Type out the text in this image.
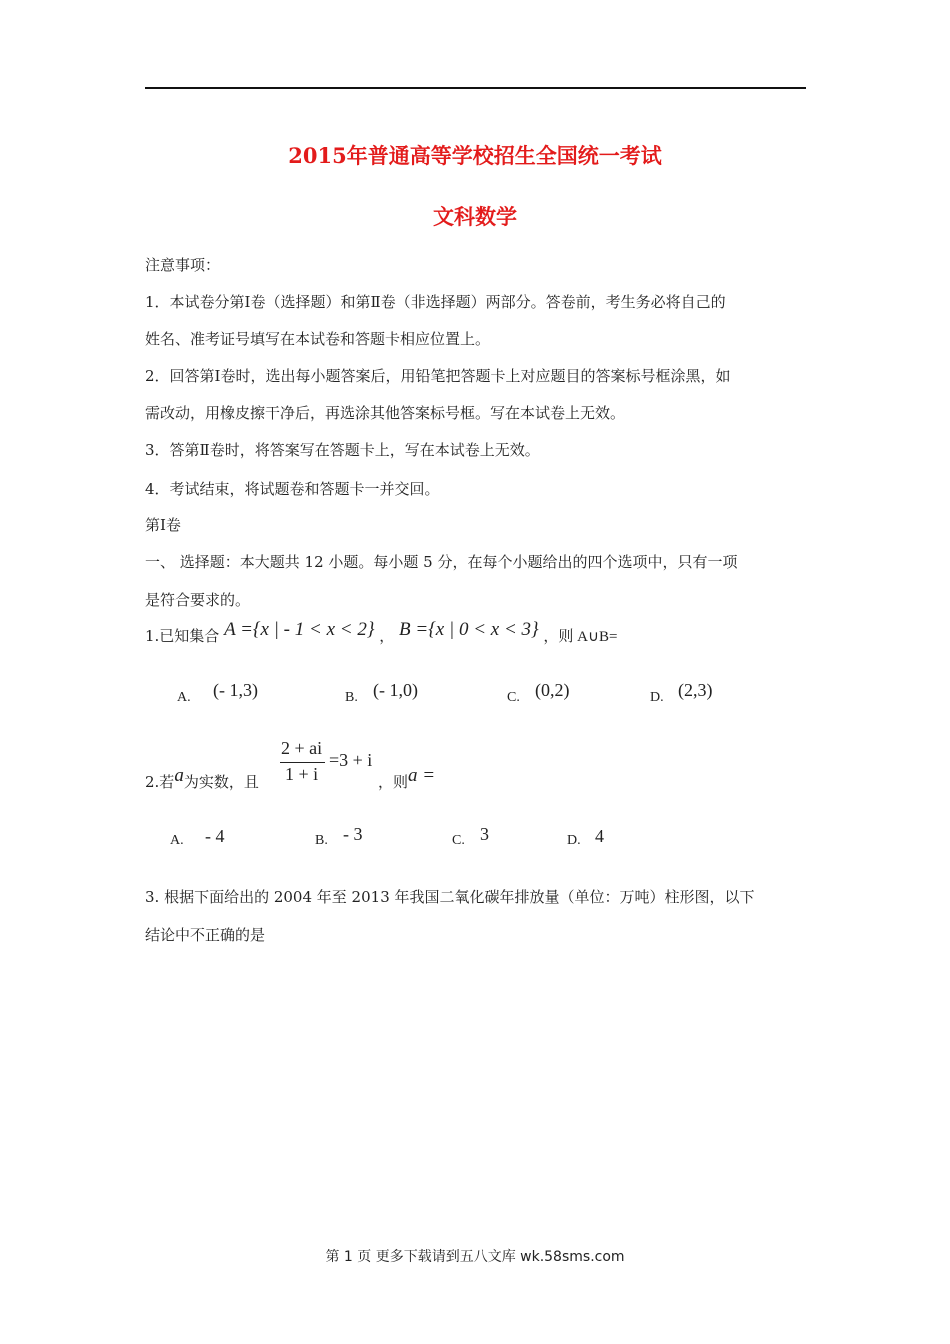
2015年普通高等学校招生全国统一考试
文科数学
注意事项：
1．本试卷分第Ⅰ卷（选择题）和第Ⅱ卷（非选择题）两部分。答卷前，考生务必将自己的
姓名、准考证号填写在本试卷和答题卡相应位置上。
2．回答第Ⅰ卷时，选出每小题答案后，用铅笔把答题卡上对应题目的答案标号框涂黑，如
需改动，用橡皮擦干净后，再选涂其他答案标号框。写在本试卷上无效。
3．答第Ⅱ卷时，将答案写在答题卡上，写在本试卷上无效。
4．考试结束，将试题卷和答题卡一并交回。
第Ⅰ卷
一、 选择题：本大题共 12 小题。每小题 5 分，在每个小题给出的四个选项中，只有一项
是符合要求的。
1.已知集合 A ={x | - 1 < x < 2} ， B ={x | 0 < x < 3} ，则 A∪B=
A. (- 1,3)	B. (- 1,0)	C. (0,2)	D. (2,3)
2.若a为实数，且
2 + ai
1 + i
=3 + i
，则a =
A. - 4	B. - 3	C. 3	D. 4
3. 根据下面给出的 2004 年至 2013 年我国二氧化碳年排放量（单位：万吨）柱形图，以下
结论中不正确的是
第 1 页 更多下载请到五八文库 wk.58sms.com
